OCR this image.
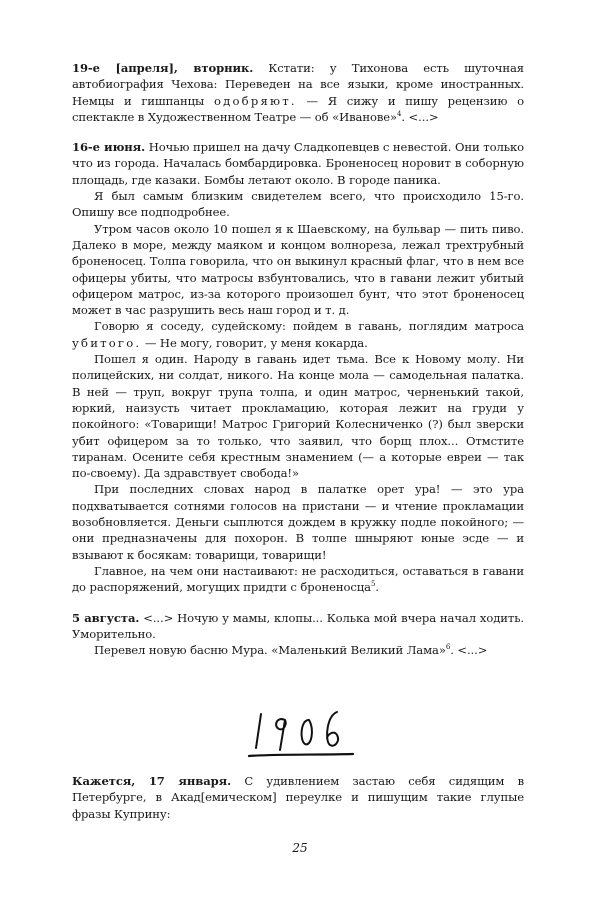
19-е [апреля], вторник. Кстати: у Тихонова есть шуточная автобиография Чехова: Переведен на все языки, кроме иностранных. Немцы и гишпанцы одобряют. — Я сижу и пишу рецензию о спектакле в Художественном Театре — об «Иванове»$^4$. <...>

16-е июня. Ночью пришел на дачу Сладкопевцев с невестой. Они только что из города. Началась бомбардировка. Броненосец норовит в соборную площадь, где казаки. Бомбы летают около. В городе паника.

Я был самым близким свидетелем всего, что происходило 15-го. Опишу все подподробнее.

Утром часов около 10 пошел я к Шаевскому, на бульвар — пить пиво. Далеко в море, между маяком и концом волнореза, лежал трехтрубный броненосец. Толпа говорила, что он выкинул красный флаг, что в нем все офицеры убиты, что матросы взбунтовались, что в гавани лежит убитый офицером матрос, из-за которого произошел бунт, что этот броненосец может в час разрушить весь наш город и т. д.

Говорю я соседу, судейскому: пойдем в гавань, поглядим матроса убитого. — Не могу, говорит, у меня кокарда.

Пошел я один. Народу в гавань идет тьма. Все к Новому молу. Ни полицейских, ни солдат, никого. На конце мола — самодельная палатка. В ней — труп, вокруг трупа толпа, и один матрос, черненький такой, юркий, наизусть читает прокламацию, которая лежит на груди у покойного: «Товарищи! Матрос Григорий Колесниченко (?) был зверски убит офицером за то только, что заявил, что борщ плох... Отмстите тиранам. Осените себя крестным знамением (— а которые евреи — так по-своему). Да здравствует свобода!»

При последних словах народ в палатке орет ура! — это ура подхватывается сотнями голосов на пристани — и чтение прокламации возобновляется. Деньги сыплются дождем в кружку подле покойного; — они предназначены для похорон. В толпе шныряют юные эсде — и взывают к босякам: товарищи, товарищи!

Главное, на чем они настаивают: не расходиться, оставаться в гавани до распоряжений, могущих придти с броненосца$^5$.

5 августа. <...> Ночую у мамы, клопы... Колька мой вчера начал ходить. Уморительно.

Перевел новую басню Мура. «Маленький Великий Лама»$^6$. <...>

Кажется, 17 января. С удивлением застаю себя сидящим в Петербурге, в Акад[емическом] переулке и пишущим такие глупые фразы Куприну:

25
